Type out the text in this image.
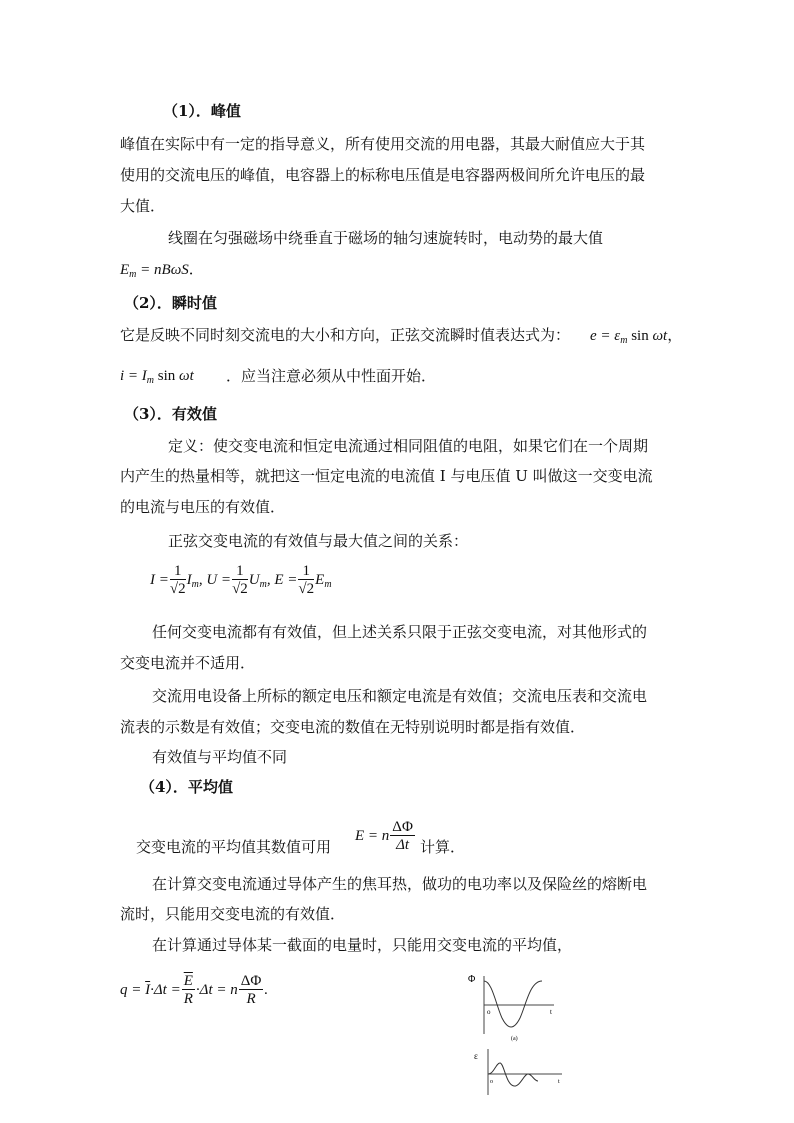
（1）．峰值
峰值在实际中有一定的指导意义，所有使用交流的用电器，其最大耐值应大于其
使用的交流电压的峰值，电容器上的标称电压值是电容器两极间所允许电压的最
大值．
线圈在匀强磁场中绕垂直于磁场的轴匀速旋转时，电动势的最大值
$E_m = nB\omega S$．
（2）．瞬时值
它是反映不同时刻交流电的大小和方向，正弦交流瞬时值表达式为： $e = \varepsilon_m$ sin ωt，
$i = I_m$ sin ωt ．应当注意必须从中性面开始．
（3）．有效值
定义：使交变电流和恒定电流通过相同阻值的电阻，如果它们在一个周期
内产生的热量相等，就把这一恒定电流的电流值 I 与电压值 U 叫做这一交变电流
的电流与电压的有效值．
正弦交变电流的有效值与最大值之间的关系：
$I = \frac{1}{√2} I_m$, $U = \frac{1}{√2} U_m$, $E = \frac{1}{√2} E_m$
任何交变电流都有有效值，但上述关系只限于正弦交变电流，对其他形式的
交变电流并不适用．
交流用电设备上所标的额定电压和额定电流是有效值；交流电压表和交流电
流表的示数是有效值；交变电流的数值在无特别说明时都是指有效值．
有效值与平均值不同
（4）．平均值
交变电流的平均值其数值可用
E = n $\frac{\Delta\Phi}{\Delta t}$ 计算．
在计算交变电流通过导体产生的焦耳热，做功的电功率以及保险丝的熔断电
流时，只能用交变电流的有效值．
在计算通过导体某一截面的电量时，只能用交变电流的平均值，
$q = \overline{I}\cdot\Delta t = \frac{\overline{E}}{R} \cdot\Delta t = n \frac{\Delta\Phi}{R}$ .
Φ
o	t
(a)
ε
o	t
